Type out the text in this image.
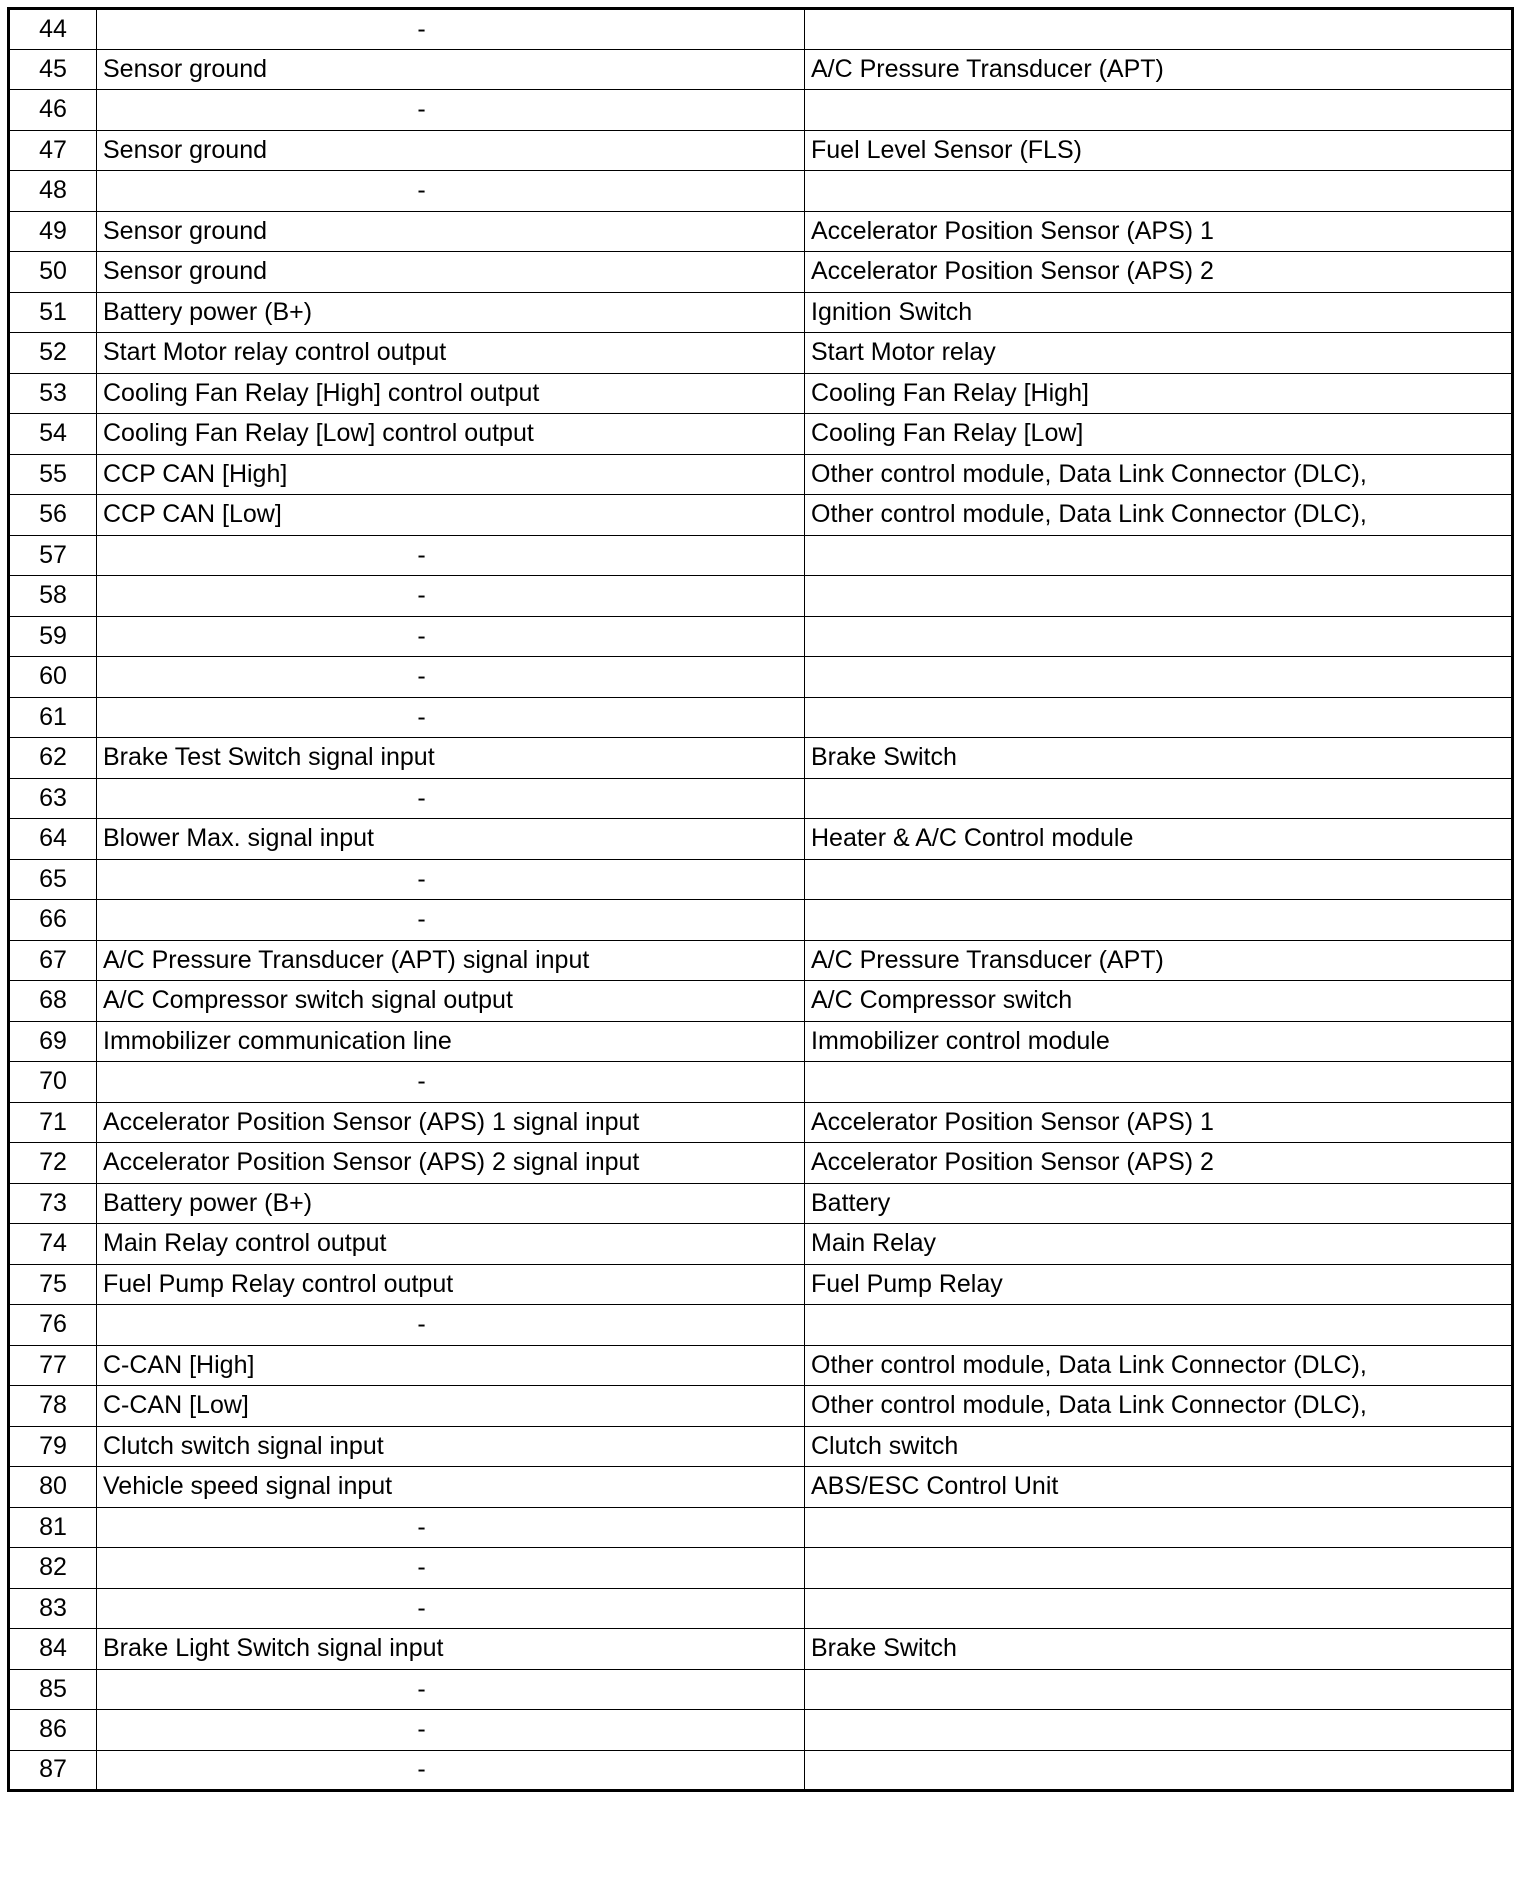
44	-	
45	Sensor ground	A/C Pressure Transducer (APT)
46	-	
47	Sensor ground	Fuel Level Sensor (FLS)
48	-	
49	Sensor ground	Accelerator Position Sensor (APS) 1
50	Sensor ground	Accelerator Position Sensor (APS) 2
51	Battery power (B+)	Ignition Switch
52	Start Motor relay control output	Start Motor relay
53	Cooling Fan Relay [High] control output	Cooling Fan Relay [High]
54	Cooling Fan Relay [Low] control output	Cooling Fan Relay [Low]
55	CCP CAN [High]	Other control module, Data Link Connector (DLC),
56	CCP CAN [Low]	Other control module, Data Link Connector (DLC),
57	-	
58	-	
59	-	
60	-	
61	-	
62	Brake Test Switch signal input	Brake Switch
63	-	
64	Blower Max. signal input	Heater & A/C Control module
65	-	
66	-	
67	A/C Pressure Transducer (APT) signal input	A/C Pressure Transducer (APT)
68	A/C Compressor switch signal output	A/C Compressor switch
69	Immobilizer communication line	Immobilizer control module
70	-	
71	Accelerator Position Sensor (APS) 1 signal input	Accelerator Position Sensor (APS) 1
72	Accelerator Position Sensor (APS) 2 signal input	Accelerator Position Sensor (APS) 2
73	Battery power (B+)	Battery
74	Main Relay control output	Main Relay
75	Fuel Pump Relay control output	Fuel Pump Relay
76	-	
77	C-CAN [High]	Other control module, Data Link Connector (DLC),
78	C-CAN [Low]	Other control module, Data Link Connector (DLC),
79	Clutch switch signal input	Clutch switch
80	Vehicle speed signal input	ABS/ESC Control Unit
81	-	
82	-	
83	-	
84	Brake Light Switch signal input	Brake Switch
85	-	
86	-	
87	-	
